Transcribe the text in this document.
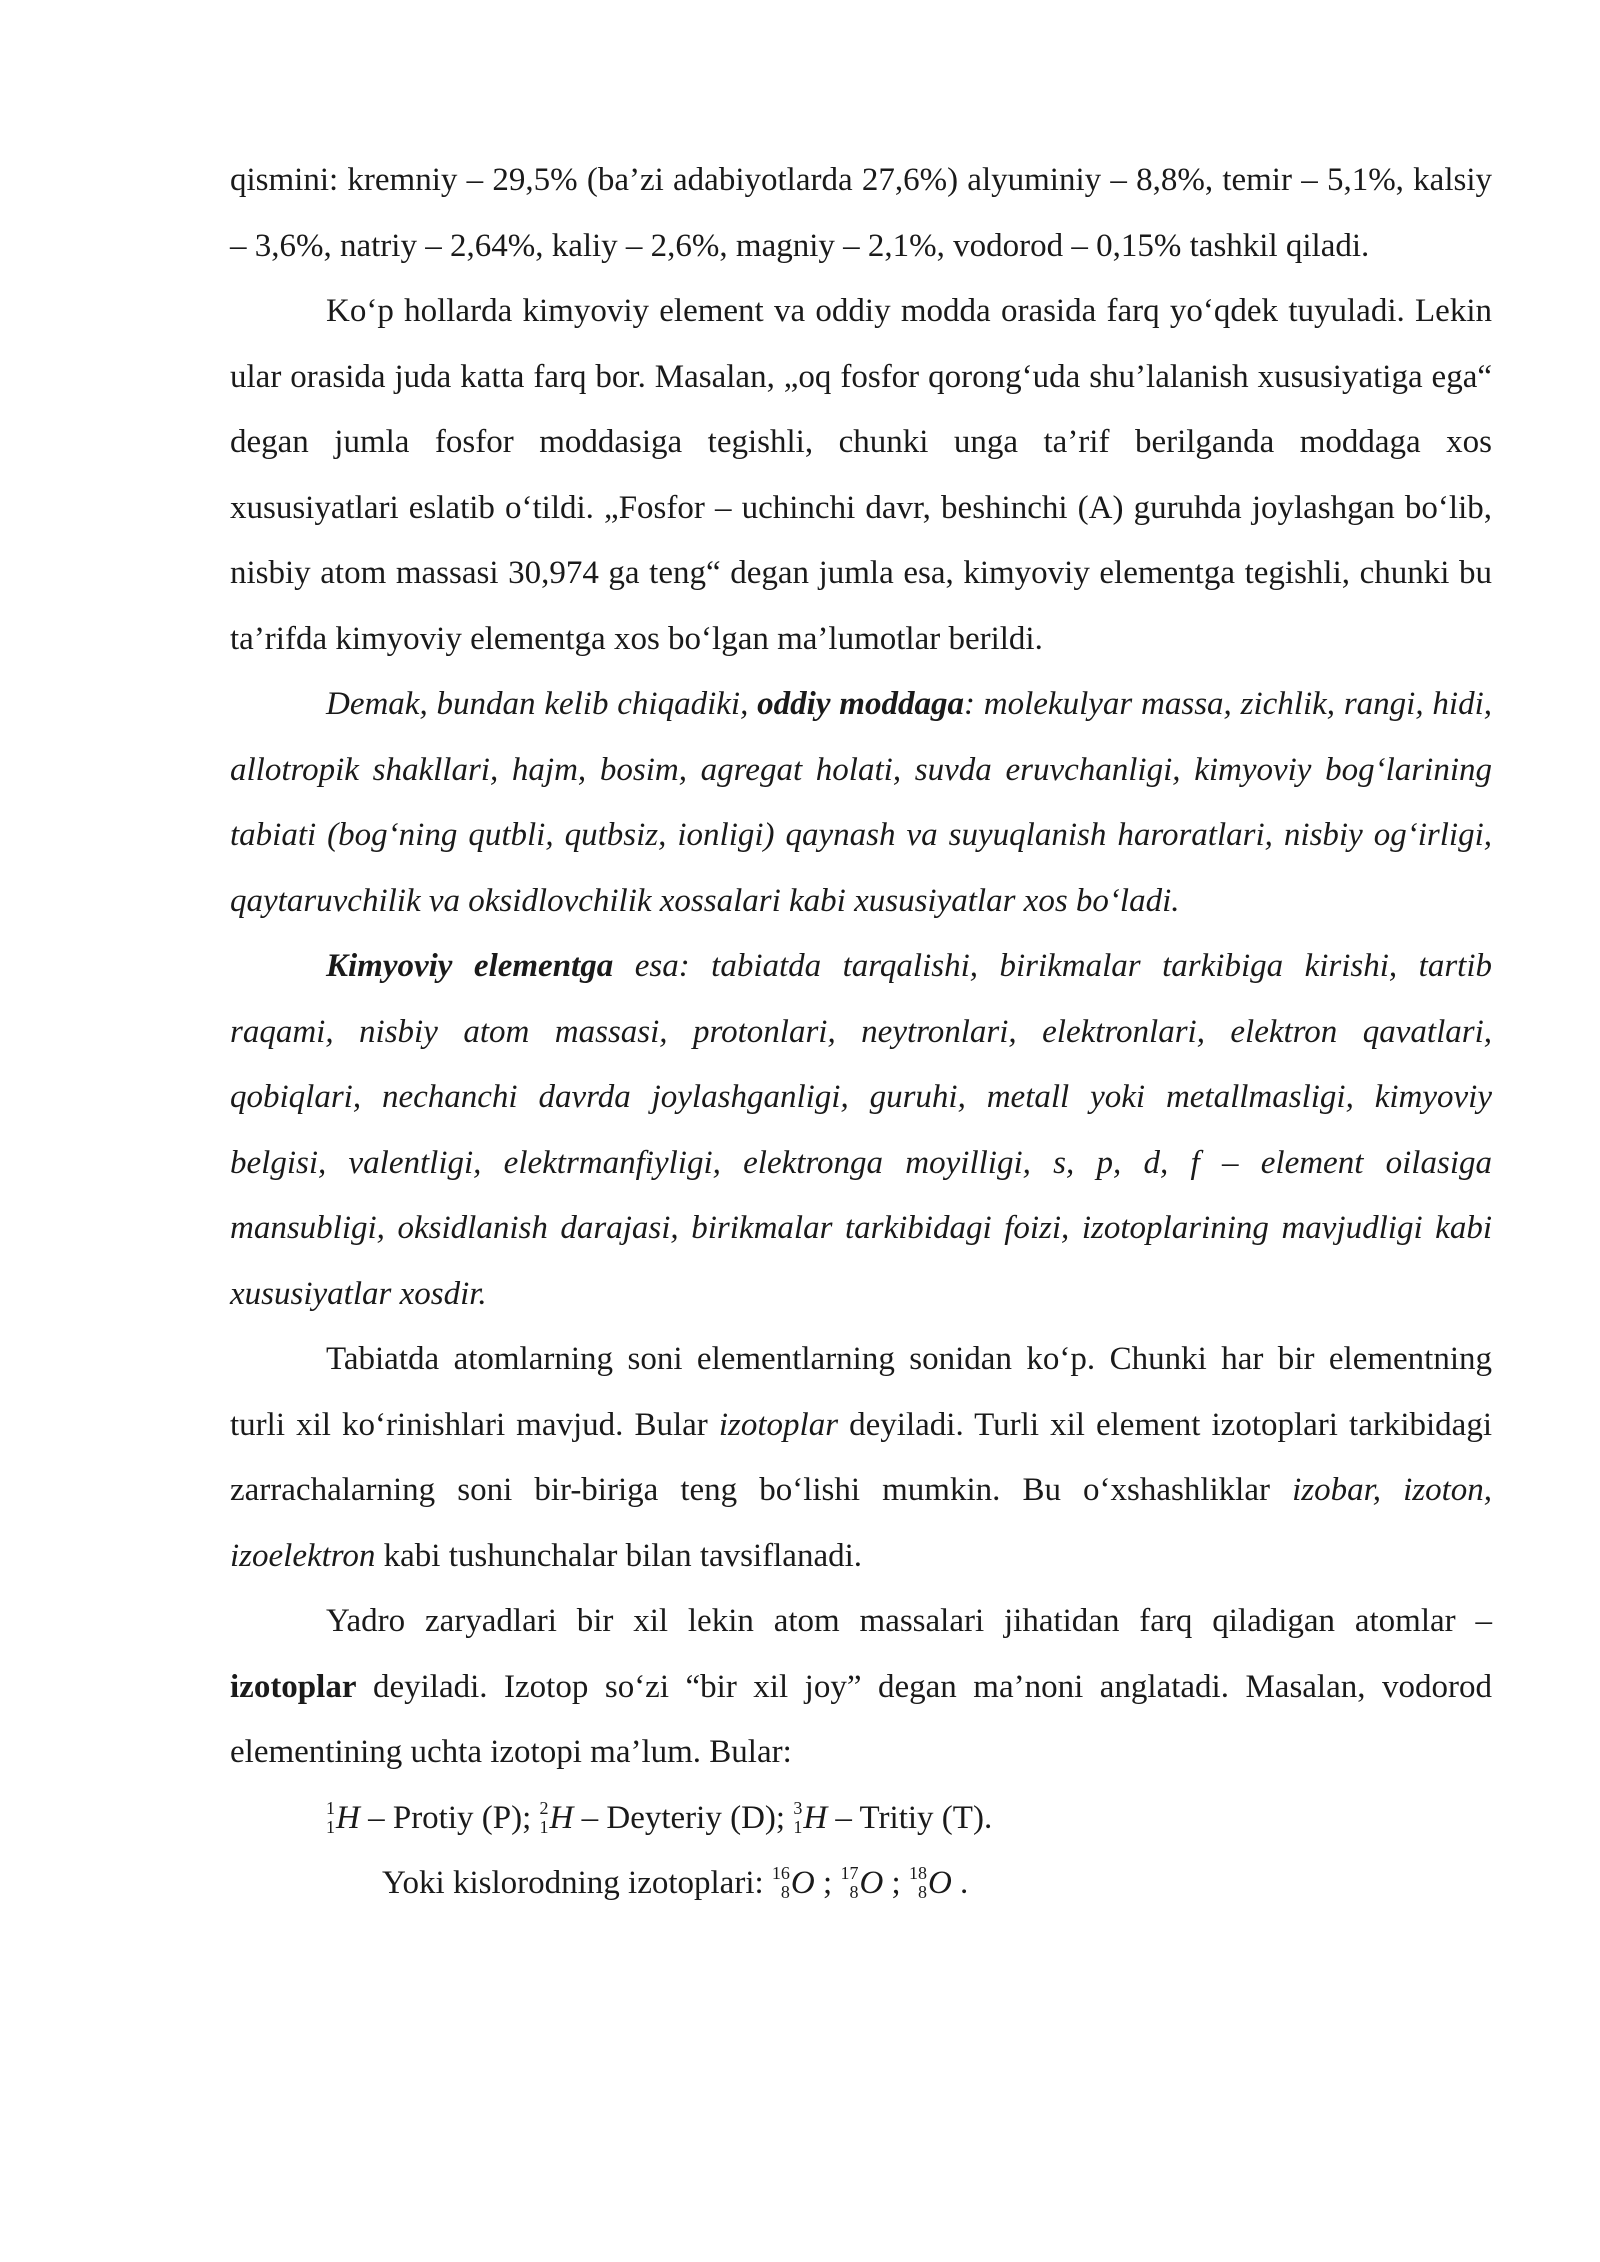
qismini: kremniy – 29,5% (ba’zi adabiyotlarda 27,6%) alyuminiy – 8,8%, temir – 5,1%, kalsiy – 3,6%, natriy – 2,64%, kaliy – 2,6%, magniy – 2,1%, vodorod – 0,15% tashkil qiladi.

Ko‘p hollarda kimyoviy element va oddiy modda orasida farq yo‘qdek tuyuladi. Lekin ular orasida juda katta farq bor. Masalan, „oq fosfor qorong‘uda shu’lalanish xususiyatiga ega“ degan jumla fosfor moddasiga tegishli, chunki unga ta’rif berilganda moddaga xos xususiyatlari eslatib o‘tildi. „Fosfor – uchinchi davr, beshinchi (A) guruhda joylashgan bo‘lib, nisbiy atom massasi 30,974 ga teng“ degan jumla esa, kimyoviy elementga tegishli, chunki bu ta’rifda kimyoviy elementga xos bo‘lgan ma’lumotlar berildi.

Demak, bundan kelib chiqadiki, oddiy moddaga: molekulyar massa, zichlik, rangi, hidi, allotropik shakllari, hajm, bosim, agregat holati, suvda eruvchanligi, kimyoviy bog‘larining tabiati (bog‘ning qutbli, qutbsiz, ionligi) qaynash va suyuqlanish haroratlari, nisbiy og‘irligi, qaytaruvchilik va oksidlovchilik xossalari kabi xususiyatlar xos bo‘ladi.

Kimyoviy elementga esa: tabiatda tarqalishi, birikmalar tarkibiga kirishi, tartib raqami, nisbiy atom massasi, protonlari, neytronlari, elektronlari, elektron qavatlari, qobiqlari, nechanchi davrda joylashganligi, guruhi, metall yoki metallmasligi, kimyoviy belgisi, valentligi, elektrmanfiyligi, elektronga moyilligi, s, p, d, f – element oilasiga mansubligi, oksidlanish darajasi, birikmalar tarkibidagi foizi, izotoplarining mavjudligi kabi xususiyatlar xosdir.

Tabiatda atomlarning soni elementlarning sonidan ko‘p. Chunki har bir elementning turli xil ko‘rinishlari mavjud. Bular izotoplar deyiladi. Turli xil element izotoplari tarkibidagi zarrachalarning soni bir-biriga teng bo‘lishi mumkin. Bu o‘xshashliklar izobar, izoton, izoelektron kabi tushunchalar bilan tavsiflanadi.

Yadro zaryadlari bir xil lekin atom massalari jihatidan farq qiladigan atomlar – izotoplar deyiladi. Izotop so‘zi “bir xil joy” degan ma’noni anglatadi. Masalan, vodorod elementining uchta izotopi ma’lum. Bular:

1
1 H – Protiy (P); 2
1 H – Deyteriy (D); 3
1 H – Tritiy (T).
Yoki kislorodning izotoplari: 16
8 O ; 17
8 O ; 18
8 O .
